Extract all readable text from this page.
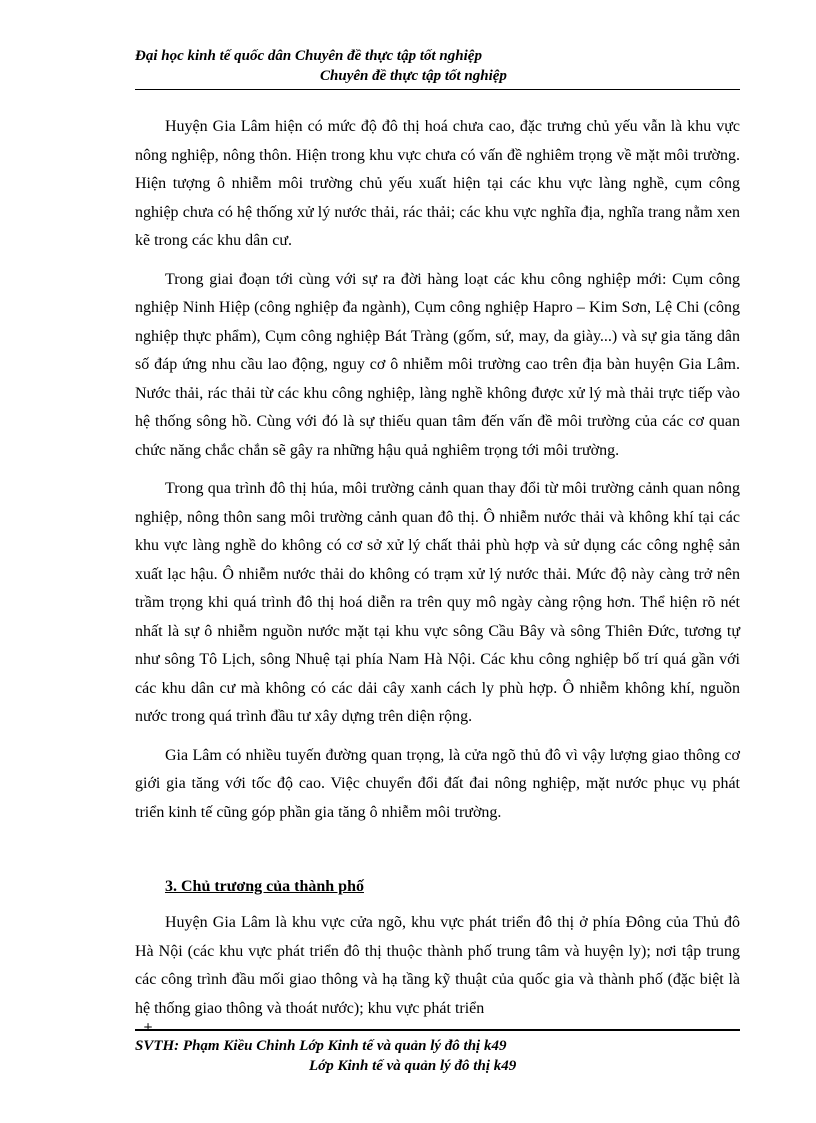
Đại học kinh tế quốc dân Chuyên đề thực tập tốt nghiệp
Chuyên đề thực tập tốt nghiệp

Huyện Gia Lâm hiện có mức độ đô thị hoá chưa cao, đặc trưng chủ yếu vẫn là khu vực nông nghiệp, nông thôn. Hiện trong khu vực chưa có vấn đề nghiêm trọng về mặt môi trường. Hiện tượng ô nhiễm môi trường chủ yếu xuất hiện tại các khu vực làng nghề, cụm công nghiệp chưa có hệ thống xử lý nước thải, rác thải; các khu vực nghĩa địa, nghĩa trang nằm xen kẽ trong các khu dân cư.

Trong giai đoạn tới cùng với sự ra đời hàng loạt các khu công nghiệp mới: Cụm công nghiệp Ninh Hiệp (công nghiệp đa ngành), Cụm công nghiệp Hapro – Kim Sơn, Lệ Chi (công nghiệp thực phẩm), Cụm công nghiệp Bát Tràng (gốm, sứ, may, da giày...) và sự gia tăng dân số đáp ứng nhu cầu lao động, nguy cơ ô nhiễm môi trường cao trên địa bàn huyện Gia Lâm. Nước thải, rác thải từ các khu công nghiệp, làng nghề không được xử lý mà thải trực tiếp vào hệ thống sông hồ. Cùng với đó là sự thiếu quan tâm đến vấn đề môi trường của các cơ quan chức năng chắc chắn sẽ gây ra những hậu quả nghiêm trọng tới môi trường.

Trong qua trình đô thị húa, môi trường cảnh quan thay đổi từ môi trường cảnh quan nông nghiệp, nông thôn sang môi trường cảnh quan đô thị. Ô nhiễm nước thải và không khí tại các khu vực làng nghề do không có cơ sở xử lý chất thải phù hợp và sử dụng các công nghệ sản xuất lạc hậu. Ô nhiễm nước thải do không có trạm xử lý nước thải. Mức độ này càng trở nên trầm trọng khi quá trình đô thị hoá diễn ra trên quy mô ngày càng rộng hơn. Thể hiện rõ nét nhất là sự ô nhiễm nguồn nước mặt tại khu vực sông Cầu Bây và sông Thiên Đức, tương tự như sông Tô Lịch, sông Nhuệ tại phía Nam Hà Nội. Các khu công nghiệp bố trí quá gần với các khu dân cư mà không có các dải cây xanh cách ly phù hợp. Ô nhiễm không khí, nguồn nước trong quá trình đầu tư xây dựng trên diện rộng.

Gia Lâm có nhiều tuyến đường quan trọng, là cửa ngõ thủ đô vì vậy lượng giao thông cơ giới gia tăng với tốc độ cao. Việc chuyển đổi đất đai nông nghiệp, mặt nước phục vụ phát triển kinh tế cũng góp phần gia tăng ô nhiễm môi trường.

3. Chủ trương của thành phố

Huyện Gia Lâm là khu vực cửa ngõ, khu vực phát triển đô thị ở phía Đông của Thủ đô Hà Nội (các khu vực phát triển đô thị thuộc thành phố trung tâm và huyện ly); nơi tập trung các công trình đầu mối giao thông và hạ tầng kỹ thuật của quốc gia và thành phố (đặc biệt là hệ thống giao thông và thoát nước); khu vực phát triển

+
SVTH: Phạm Kiều Chinh Lớp Kinh tế và quản lý đô thị k49
Lớp Kinh tế và quản lý đô thị k49
